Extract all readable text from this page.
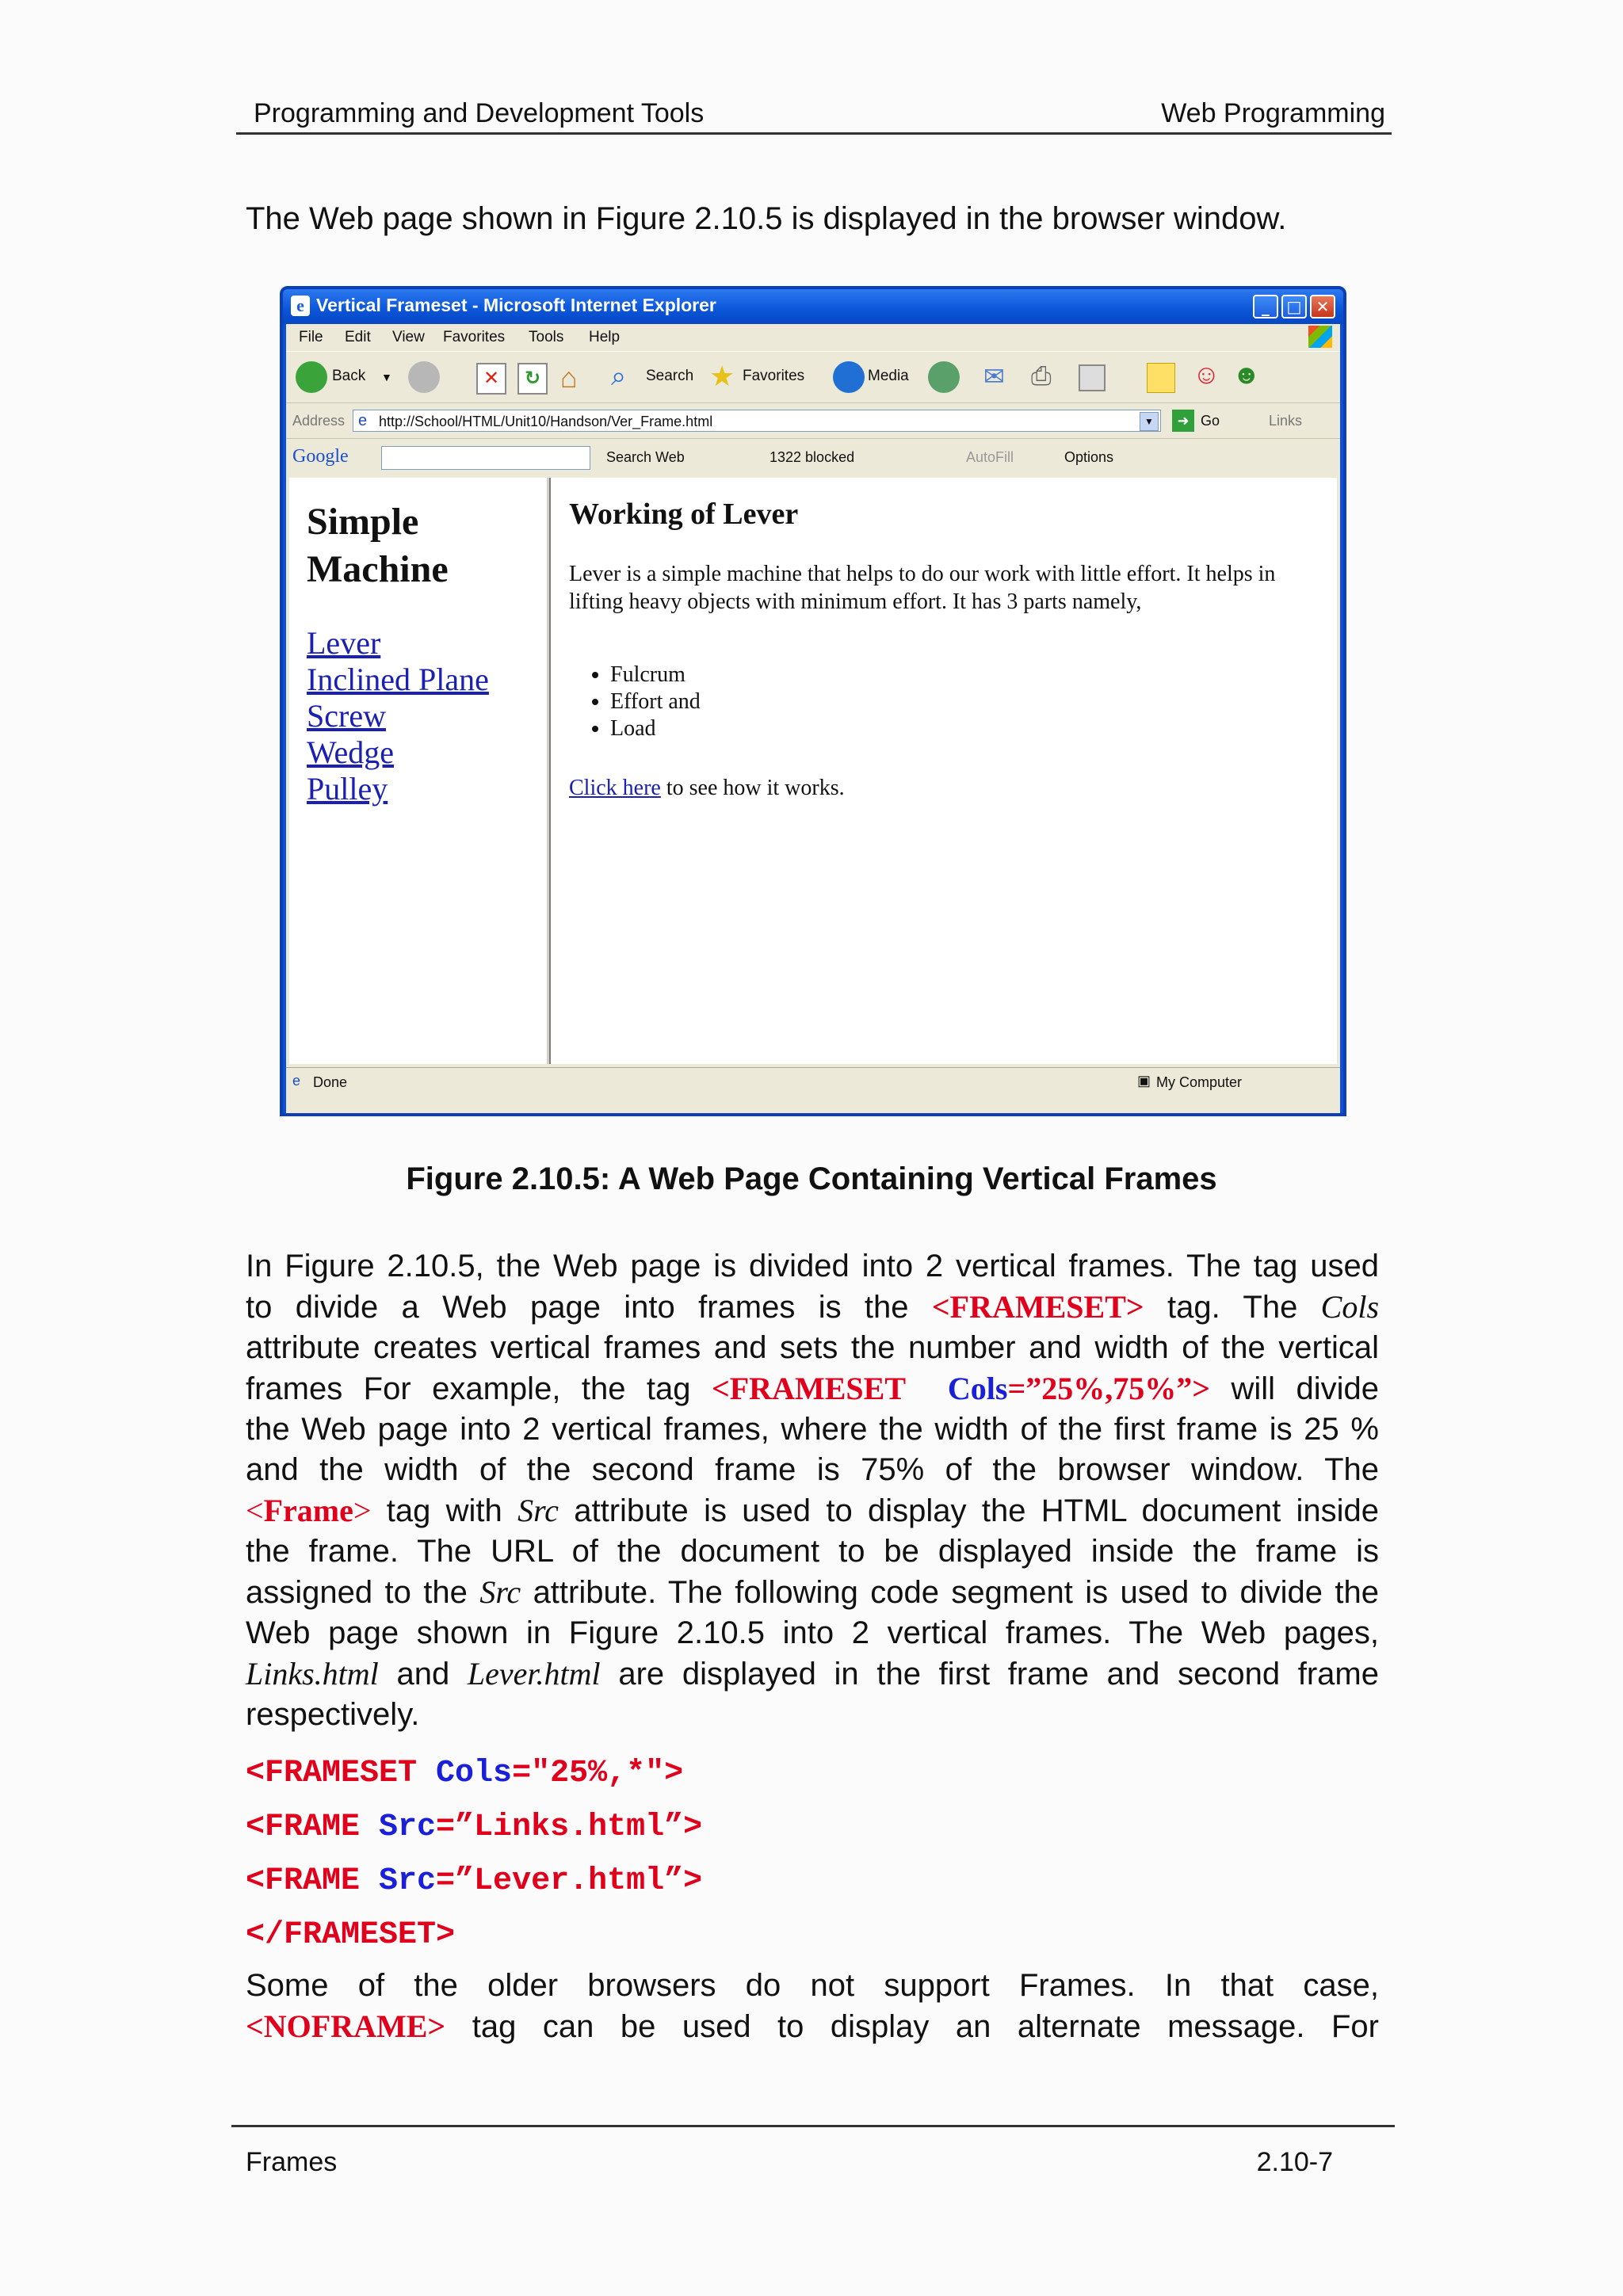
Programming and Development Tools	Web Programming
The Web page shown in Figure 2.10.5 is displayed in the browser window.
e Vertical Frameset - Microsoft Internet Explorer	_	□ ✕
File Edit View Favorites Tools Help
Back ▼	✕	↻ ⌂ ⌕ Search ★ Favorites	Media	✉ ⎙	☺ ☻
Address e http://School/HTML/Unit10/Handson/Ver_Frame.html	▼	➜ Go	Links
Google	Search Web	1322 blocked	AutoFill	Options
Simple
Machine
Lever
Inclined Plane
Screw
Wedge
Pulley
Working of Lever
Lever is a simple machine that helps to do our work with little effort. It helps in lifting heavy objects with minimum effort. It has 3 parts namely,
• Fulcrum
• Effort and
• Load
Click here to see how it works.
e Done	▣ My Computer
Figure 2.10.5: A Web Page Containing Vertical Frames
In Figure 2.10.5, the Web page is divided into 2 vertical frames. The tag used
to divide a Web page into frames is the <FRAMESET> tag. The Cols
attribute creates vertical frames and sets the number and width of the vertical
frames For example, the tag <FRAMESET Cols=”25%,75%”> will divide
the Web page into 2 vertical frames, where the width of the first frame is 25 %
and the width of the second frame is 75% of the browser window. The
<Frame> tag with Src attribute is used to display the HTML document inside
the frame. The URL of the document to be displayed inside the frame is
assigned to the Src attribute. The following code segment is used to divide the
Web page shown in Figure 2.10.5 into 2 vertical frames. The Web pages,
Links.html and Lever.html are displayed in the first frame and second frame
respectively.
<FRAMESET Cols="25%,*">
<FRAME Src=”Links.html”>
<FRAME Src=”Lever.html”>
</FRAMESET>
Some of the older browsers do not support Frames. In that case,
<NOFRAME> tag can be used to display an alternate message. For
Frames	2.10-7
